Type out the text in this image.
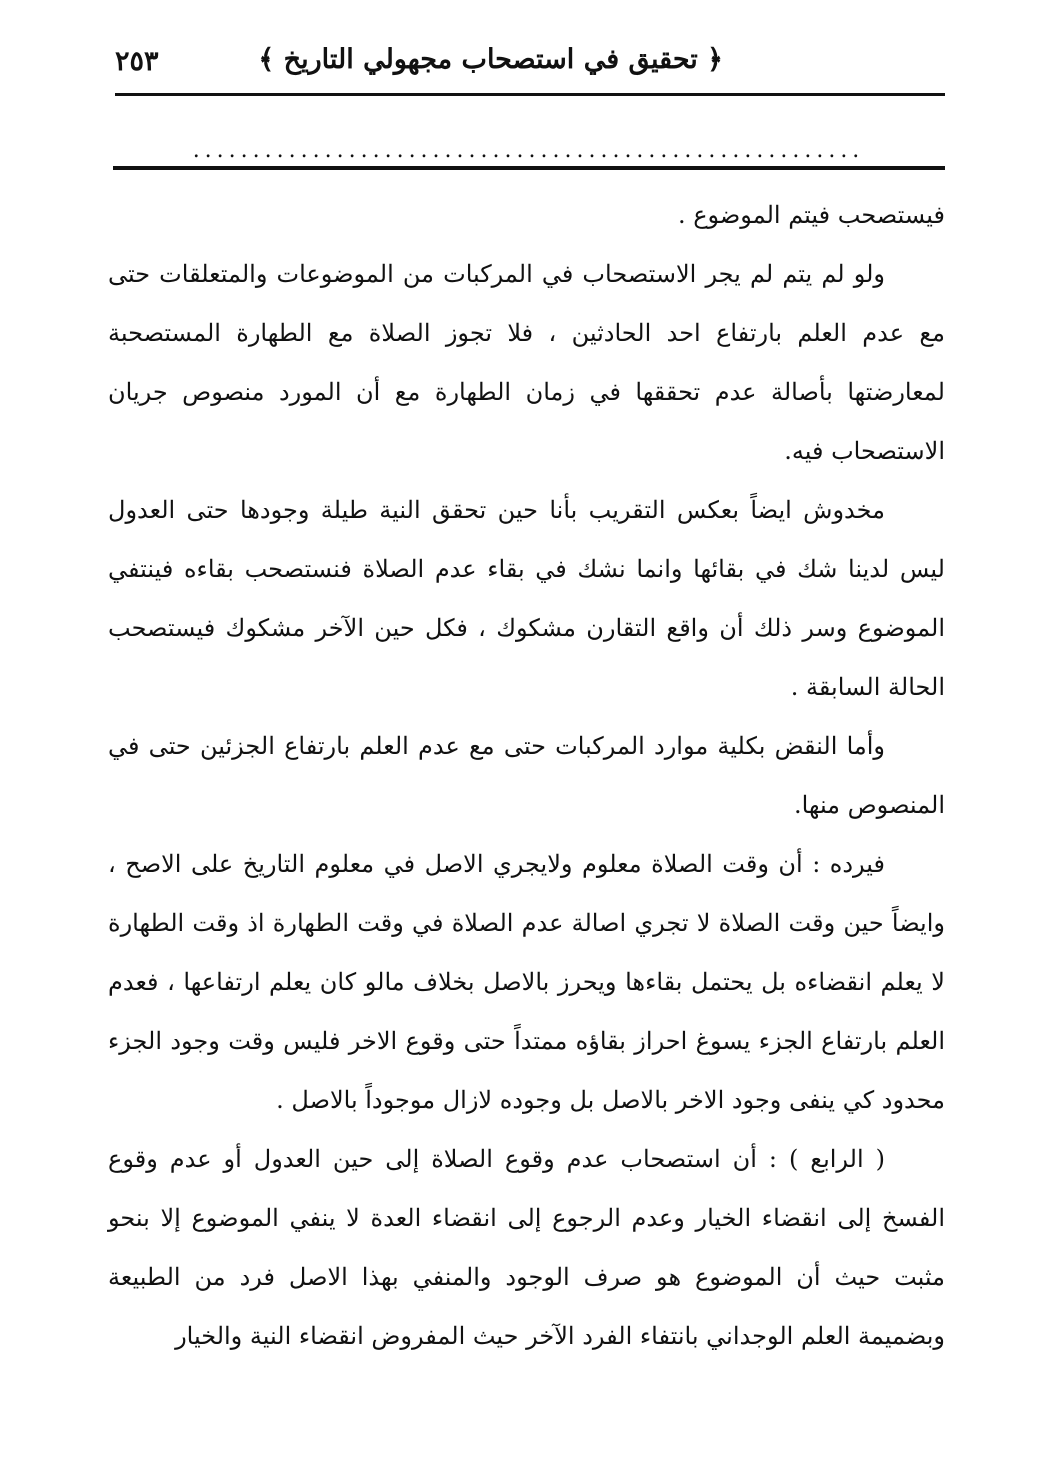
﴿ تحقيق في استصحاب مجهولي التاريخ ﴾
٢٥٣
........................................................

فيستصحب فيتم الموضوع .

ولو لم يتم لم يجر الاستصحاب في المركبات من الموضوعات والمتعلقات حتى مع عدم العلم بارتفاع احد الحادثين ، فلا تجوز الصلاة مع الطهارة المستصحبة لمعارضتها بأصالة عدم تحققها في زمان الطهارة مع أن المورد منصوص جريان الاستصحاب فيه.

مخدوش ايضاً بعكس التقريب بأنا حين تحقق النية طيلة وجودها حتى العدول ليس لدينا شك في بقائها وانما نشك في بقاء عدم الصلاة فنستصحب بقاءه فينتفي الموضوع وسر ذلك أن واقع التقارن مشكوك ، فكل حين الآخر مشكوك فيستصحب الحالة السابقة .

وأما النقض بكلية موارد المركبات حتى مع عدم العلم بارتفاع الجزئين حتى في المنصوص منها.

فيرده : أن وقت الصلاة معلوم ولايجري الاصل في معلوم التاريخ على الاصح ، وايضاً حين وقت الصلاة لا تجري اصالة عدم الصلاة في وقت الطهارة اذ وقت الطهارة لا يعلم انقضاءه بل يحتمل بقاءها ويحرز بالاصل بخلاف مالو كان يعلم ارتفاعها ، فعدم العلم بارتفاع الجزء يسوغ احراز بقاؤه ممتداً حتى وقوع الاخر فليس وقت وجود الجزء محدود كي ينفى وجود الاخر بالاصل بل وجوده لازال موجوداً بالاصل .

( الرابع ) : أن استصحاب عدم وقوع الصلاة إلى حين العدول أو عدم وقوع الفسخ إلى انقضاء الخيار وعدم الرجوع إلى انقضاء العدة لا ينفي الموضوع إلا بنحو مثبت حيث أن الموضوع هو صرف الوجود والمنفي بهذا الاصل فرد من الطبيعة وبضميمة العلم الوجداني بانتفاء الفرد الآخر حيث المفروض انقضاء النية والخيار
